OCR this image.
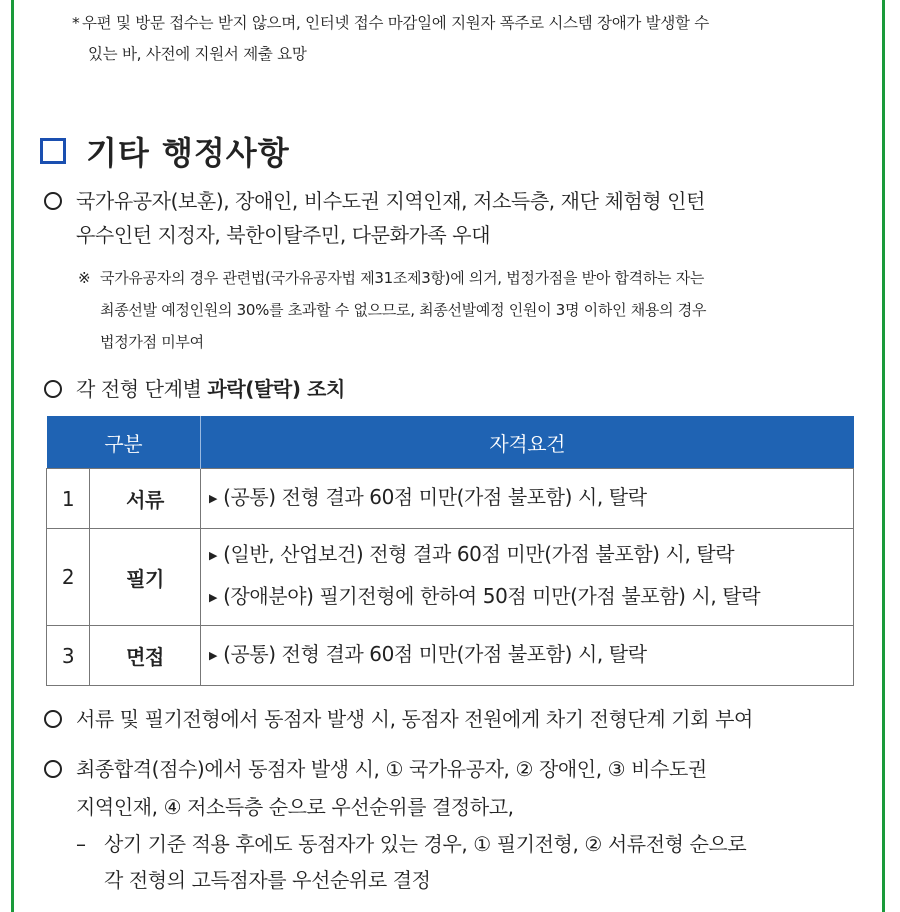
* 우편 및 방문 접수는 받지 않으며, 인터넷 접수 마감일에 지원자 폭주로 시스템 장애가 발생할 수
있는 바, 사전에 지원서 제출 요망
기타 행정사항
국가유공자(보훈), 장애인, 비수도권 지역인재, 저소득층, 재단 체험형 인턴
우수인턴 지정자, 북한이탈주민, 다문화가족 우대
※ 국가유공자의 경우 관련법(국가유공자법 제31조제3항)에 의거, 법정가점을 받아 합격하는 자는
최종선발 예정인원의 30%를 초과할 수 없으므로, 최종선발예정 인원이 3명 이하인 채용의 경우
법정가점 미부여
각 전형 단계별 과락(탈락) 조치
구분		자격요건
1	서류	▶ (공통) 전형 결과 60점 미만(가점 불포함) 시, 탈락

2	필기	▶ (일반, 산업보건) 전형 결과 60점 미만(가점 불포함) 시, 탈락
▶ (장애분야) 필기전형에 한하여 50점 미만(가점 불포함) 시, 탈락

3	면접	▶ (공통) 전형 결과 60점 미만(가점 불포함) 시, 탈락
서류 및 필기전형에서 동점자 발생 시, 동점자 전원에게 차기 전형단계 기회 부여
최종합격(점수)에서 동점자 발생 시, ① 국가유공자, ② 장애인, ③ 비수도권
지역인재, ④ 저소득층 순으로 우선순위를 결정하고,
– 상기 기준 적용 후에도 동점자가 있는 경우, ① 필기전형, ② 서류전형 순으로
각 전형의 고득점자를 우선순위로 결정
